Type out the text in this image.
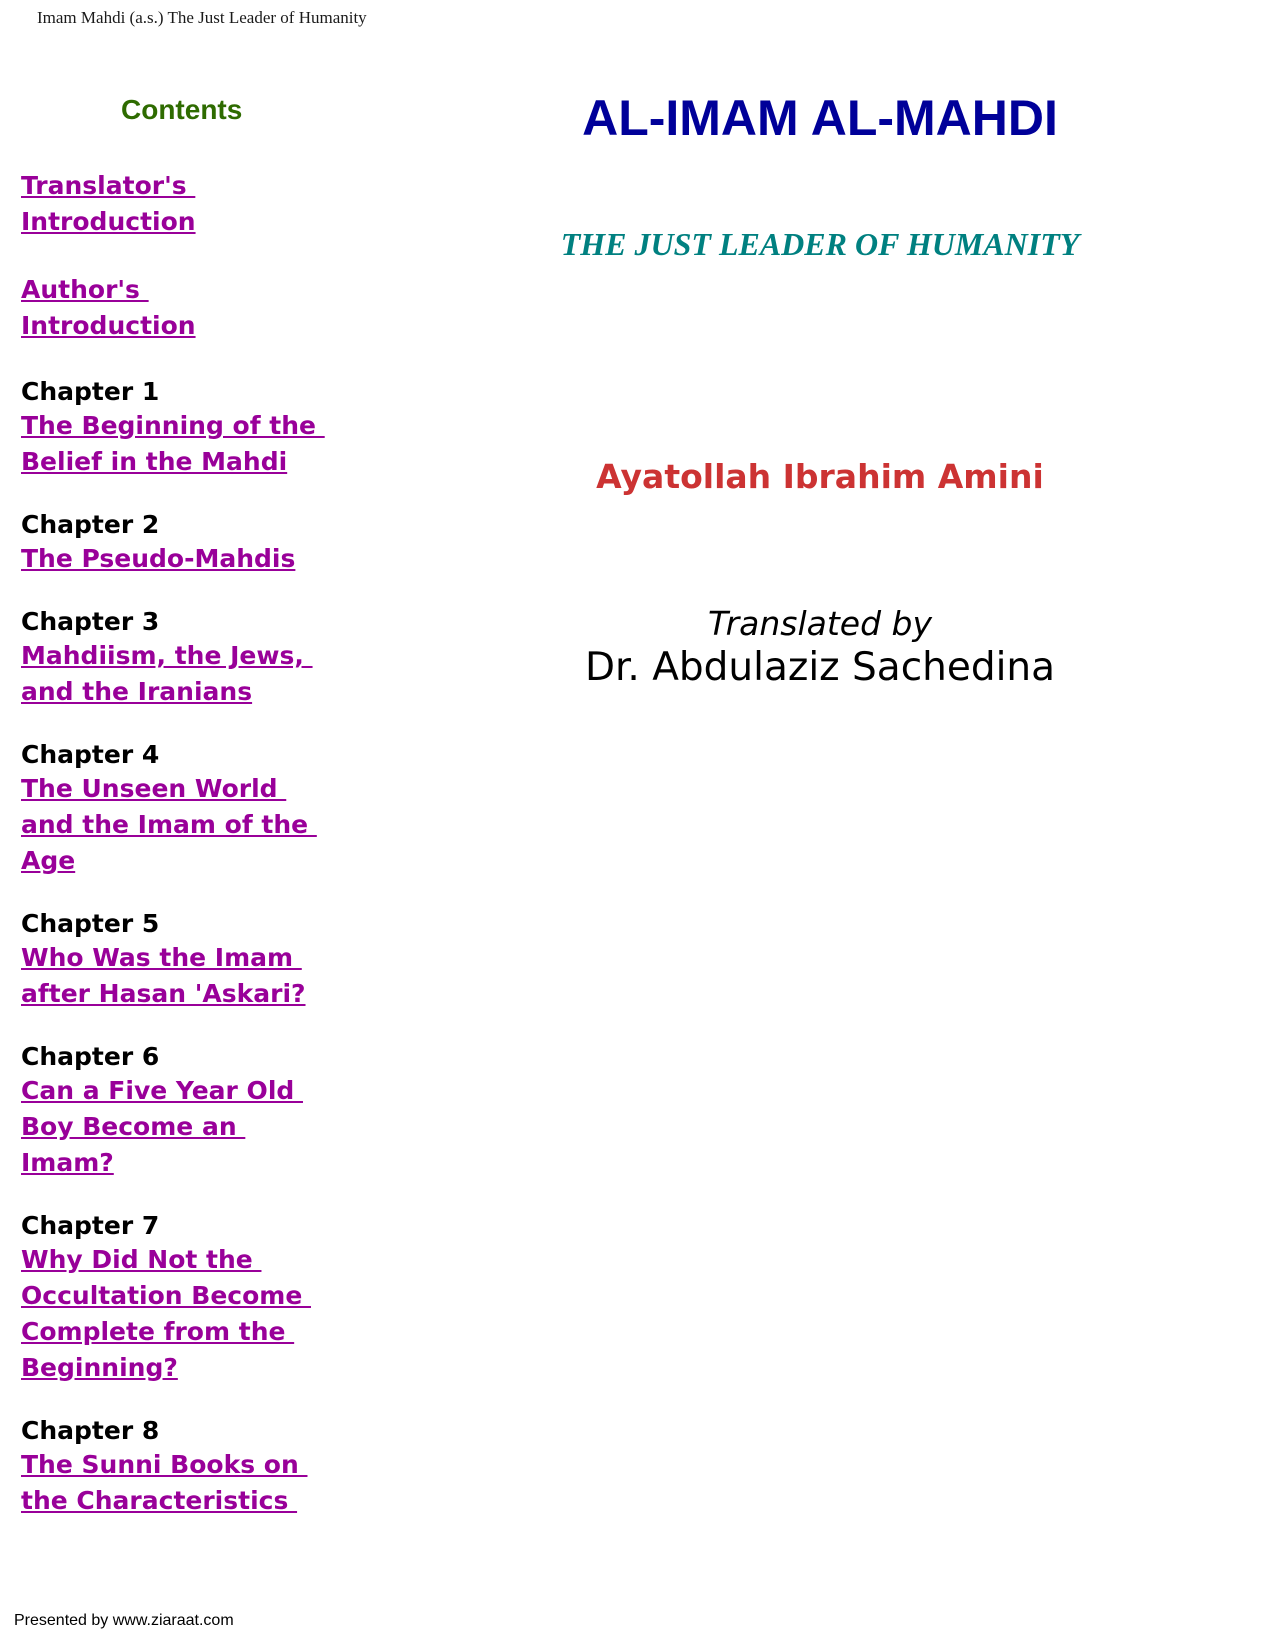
Imam Mahdi (a.s.) The Just Leader of Humanity
Contents
Translator's
Introduction
Author's
Introduction
Chapter 1
The Beginning of the
Belief in the Mahdi
Chapter 2
The Pseudo-Mahdis
Chapter 3
Mahdiism, the Jews,
and the Iranians
Chapter 4
The Unseen World
and the Imam of the
Age
Chapter 5
Who Was the Imam
after Hasan 'Askari?
Chapter 6
Can a Five Year Old
Boy Become an
Imam?
Chapter 7
Why Did Not the
Occultation Become
Complete from the
Beginning?
Chapter 8
The Sunni Books on
the Characteristics
AL-IMAM AL-MAHDI
THE JUST LEADER OF HUMANITY
Ayatollah Ibrahim Amini
Translated by
Dr. Abdulaziz Sachedina
Presented by www.ziaraat.com
